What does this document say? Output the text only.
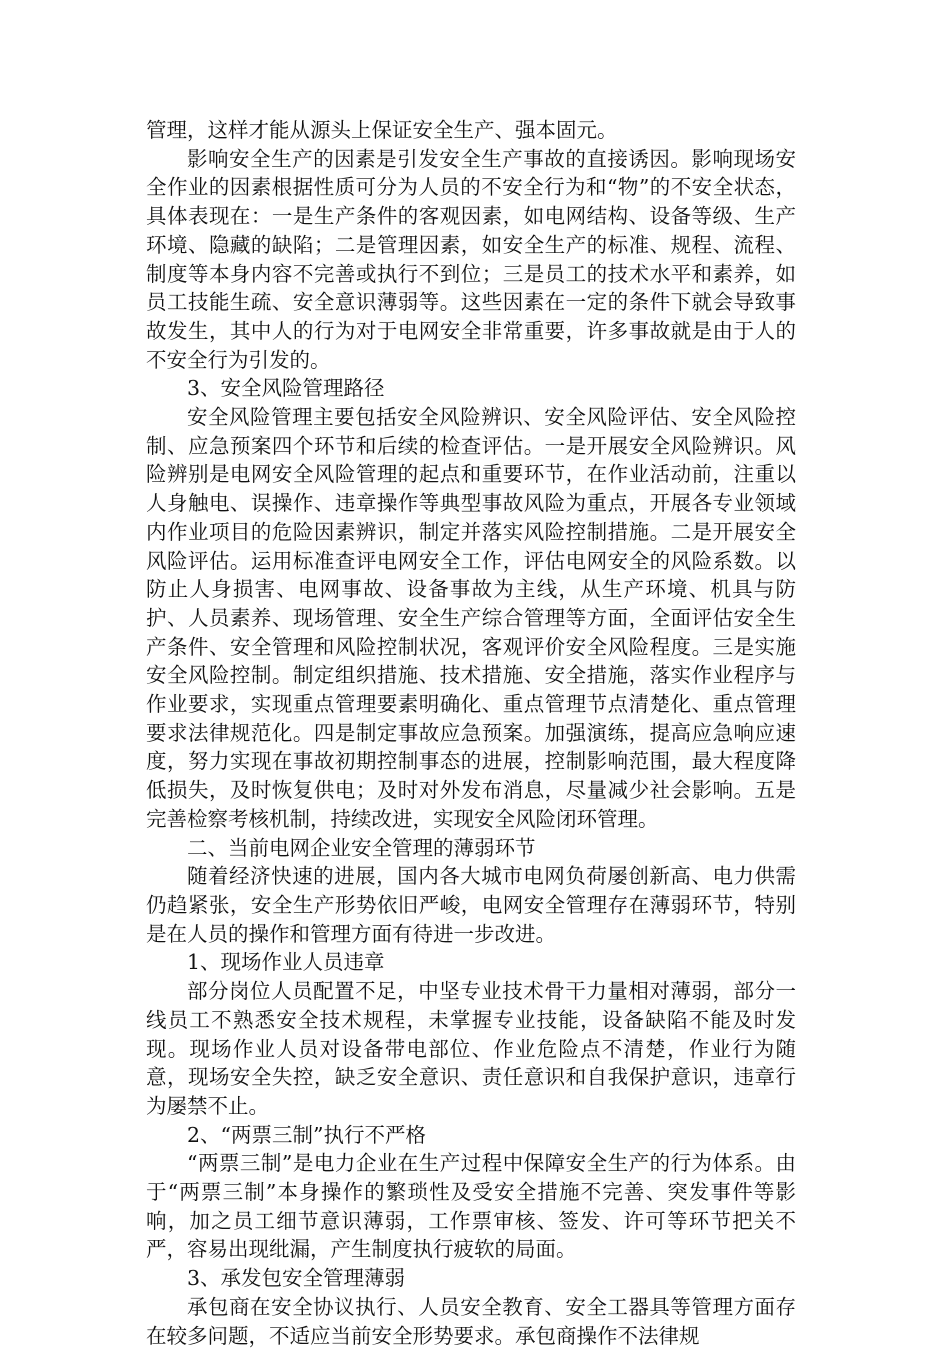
管理，这样才能从源头上保证安全生产、强本固元。

影响安全生产的因素是引发安全生产事故的直接诱因。影响现场安全作业的因素根据性质可分为人员的不安全行为和“物”的不安全状态，具体表现在：一是生产条件的客观因素，如电网结构、设备等级、生产环境、隐藏的缺陷；二是管理因素，如安全生产的标准、规程、流程、制度等本身内容不完善或执行不到位；三是员工的技术水平和素养，如员工技能生疏、安全意识薄弱等。这些因素在一定的条件下就会导致事故发生，其中人的行为对于电网安全非常重要，许多事故就是由于人的不安全行为引发的。

3、安全风险管理路径

安全风险管理主要包括安全风险辨识、安全风险评估、安全风险控制、应急预案四个环节和后续的检查评估。一是开展安全风险辨识。风险辨别是电网安全风险管理的起点和重要环节，在作业活动前，注重以人身触电、误操作、违章操作等典型事故风险为重点，开展各专业领域内作业项目的危险因素辨识，制定并落实风险控制措施。二是开展安全风险评估。运用标准查评电网安全工作，评估电网安全的风险系数。以防止人身损害、电网事故、设备事故为主线，从生产环境、机具与防护、人员素养、现场管理、安全生产综合管理等方面，全面评估安全生产条件、安全管理和风险控制状况，客观评价安全风险程度。三是实施安全风险控制。制定组织措施、技术措施、安全措施，落实作业程序与作业要求，实现重点管理要素明确化、重点管理节点清楚化、重点管理要求法律规范化。四是制定事故应急预案。加强演练，提高应急响应速度，努力实现在事故初期控制事态的进展，控制影响范围，最大程度降低损失，及时恢复供电；及时对外发布消息，尽量减少社会影响。五是完善检察考核机制，持续改进，实现安全风险闭环管理。

二、当前电网企业安全管理的薄弱环节

随着经济快速的进展，国内各大城市电网负荷屡创新高、电力供需仍趋紧张，安全生产形势依旧严峻，电网安全管理存在薄弱环节，特别是在人员的操作和管理方面有待进一步改进。

1、现场作业人员违章

部分岗位人员配置不足，中坚专业技术骨干力量相对薄弱，部分一线员工不熟悉安全技术规程，未掌握专业技能，设备缺陷不能及时发现。现场作业人员对设备带电部位、作业危险点不清楚，作业行为随意，现场安全失控，缺乏安全意识、责任意识和自我保护意识，违章行为屡禁不止。

2、“两票三制”执行不严格

“两票三制”是电力企业在生产过程中保障安全生产的行为体系。由于“两票三制”本身操作的繁琐性及受安全措施不完善、突发事件等影响，加之员工细节意识薄弱，工作票审核、签发、许可等环节把关不严，容易出现纰漏，产生制度执行疲软的局面。

3、承发包安全管理薄弱

承包商在安全协议执行、人员安全教育、安全工器具等管理方面存在较多问题，不适应当前安全形势要求。承包商操作不法律规
